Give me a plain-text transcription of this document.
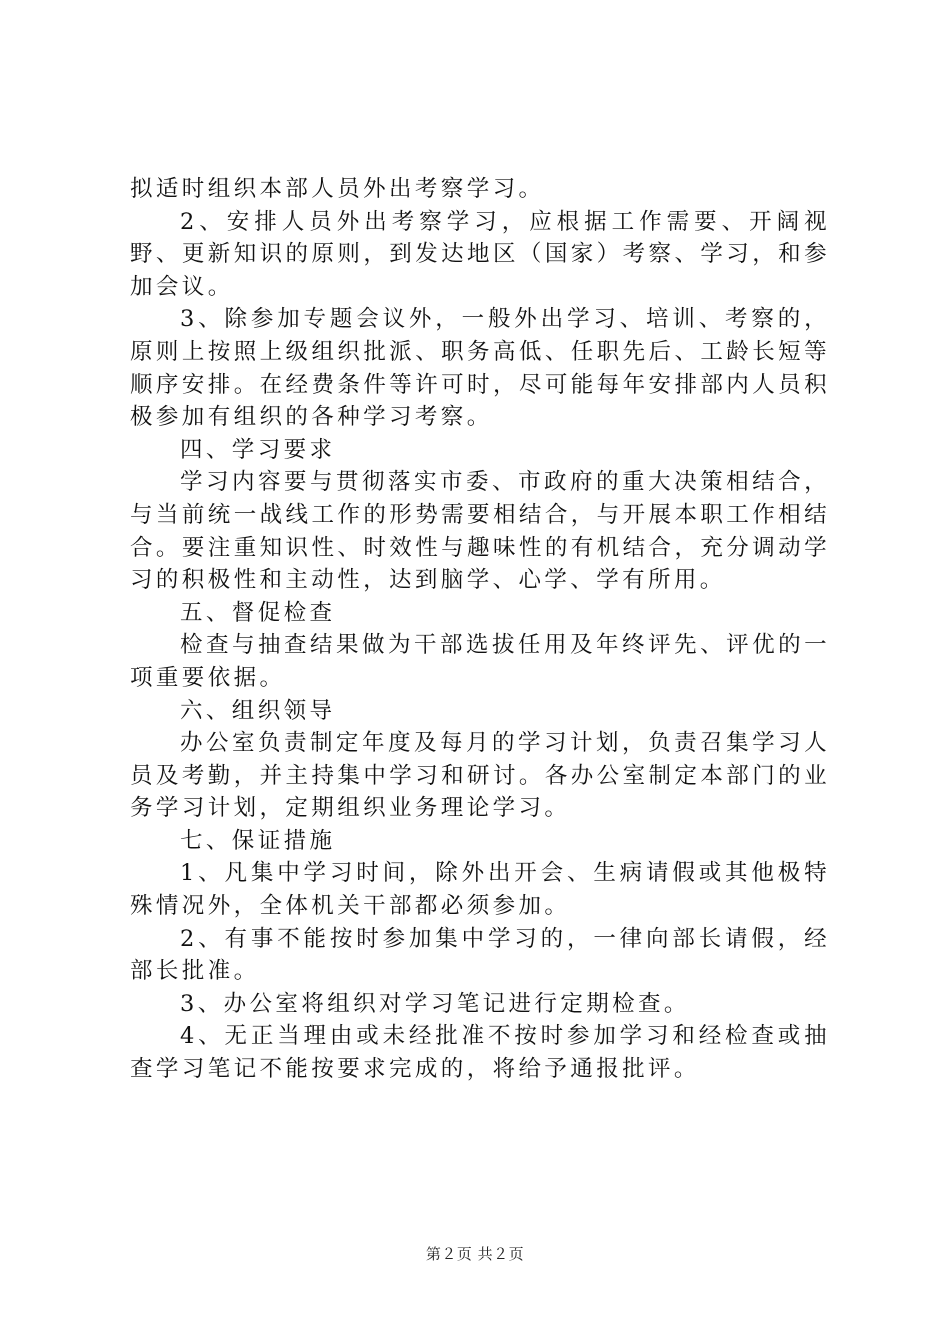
拟适时组织本部人员外出考察学习。

2、安排人员外出考察学习，应根据工作需要、开阔视野、更新知识的原则，到发达地区（国家）考察、学习，和参加会议。

3、除参加专题会议外，一般外出学习、培训、考察的，原则上按照上级组织批派、职务高低、任职先后、工龄长短等顺序安排。在经费条件等许可时，尽可能每年安排部内人员积极参加有组织的各种学习考察。

四、学习要求

学习内容要与贯彻落实市委、市政府的重大决策相结合，与当前统一战线工作的形势需要相结合，与开展本职工作相结合。要注重知识性、时效性与趣味性的有机结合，充分调动学习的积极性和主动性，达到脑学、心学、学有所用。

五、督促检查

检查与抽查结果做为干部选拔任用及年终评先、评优的一项重要依据。

六、组织领导

办公室负责制定年度及每月的学习计划，负责召集学习人员及考勤，并主持集中学习和研讨。各办公室制定本部门的业务学习计划，定期组织业务理论学习。

七、保证措施

1、凡集中学习时间，除外出开会、生病请假或其他极特殊情况外，全体机关干部都必须参加。

2、有事不能按时参加集中学习的，一律向部长请假，经部长批准。

3、办公室将组织对学习笔记进行定期检查。

4、无正当理由或未经批准不按时参加学习和经检查或抽查学习笔记不能按要求完成的，将给予通报批评。

第２页 共２页
